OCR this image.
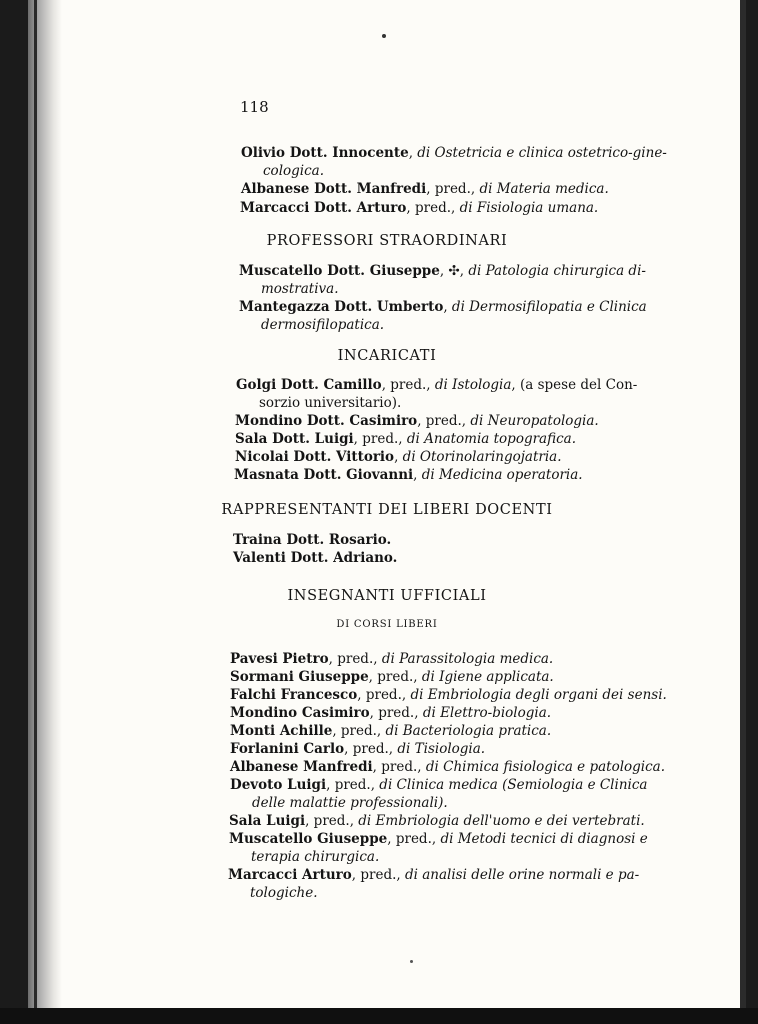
118
Olivio Dott. Innocente, di Ostetricia e clinica ostetrico-gine-
cologica.
Albanese Dott. Manfredi, pred., di Materia medica.
Marcacci Dott. Arturo, pred., di Fisiologia umana.
PROFESSORI STRAORDINARI
Muscatello Dott. Giuseppe, ✣, di Patologia chirurgica di-
mostrativa.
Mantegazza Dott. Umberto, di Dermosifilopatia e Clinica
dermosifilopatica.
INCARICATI
Golgi Dott. Camillo, pred., di Istologia, (a spese del Con-
sorzio universitario).
Mondino Dott. Casimiro, pred., di Neuropatologia.
Sala Dott. Luigi, pred., di Anatomia topografica.
Nicolai Dott. Vittorio, di Otorinolaringojatria.
Masnata Dott. Giovanni, di Medicina operatoria.
RAPPRESENTANTI DEI LIBERI DOCENTI
Traina Dott. Rosario.
Valenti Dott. Adriano.
INSEGNANTI UFFICIALI
DI CORSI LIBERI
Pavesi Pietro, pred., di Parassitologia medica.
Sormani Giuseppe, pred., di Igiene applicata.
Falchi Francesco, pred., di Embriologia degli organi dei sensi.
Mondino Casimiro, pred., di Elettro-biologia.
Monti Achille, pred., di Bacteriologia pratica.
Forlanini Carlo, pred., di Tisiologia.
Albanese Manfredi, pred., di Chimica fisiologica e patologica.
Devoto Luigi, pred., di Clinica medica (Semiologia e Clinica
delle malattie professionali).
Sala Luigi, pred., di Embriologia dell'uomo e dei vertebrati.
Muscatello Giuseppe, pred., di Metodi tecnici di diagnosi e
terapia chirurgica.
Marcacci Arturo, pred., di analisi delle orine normali e pa-
tologiche.
